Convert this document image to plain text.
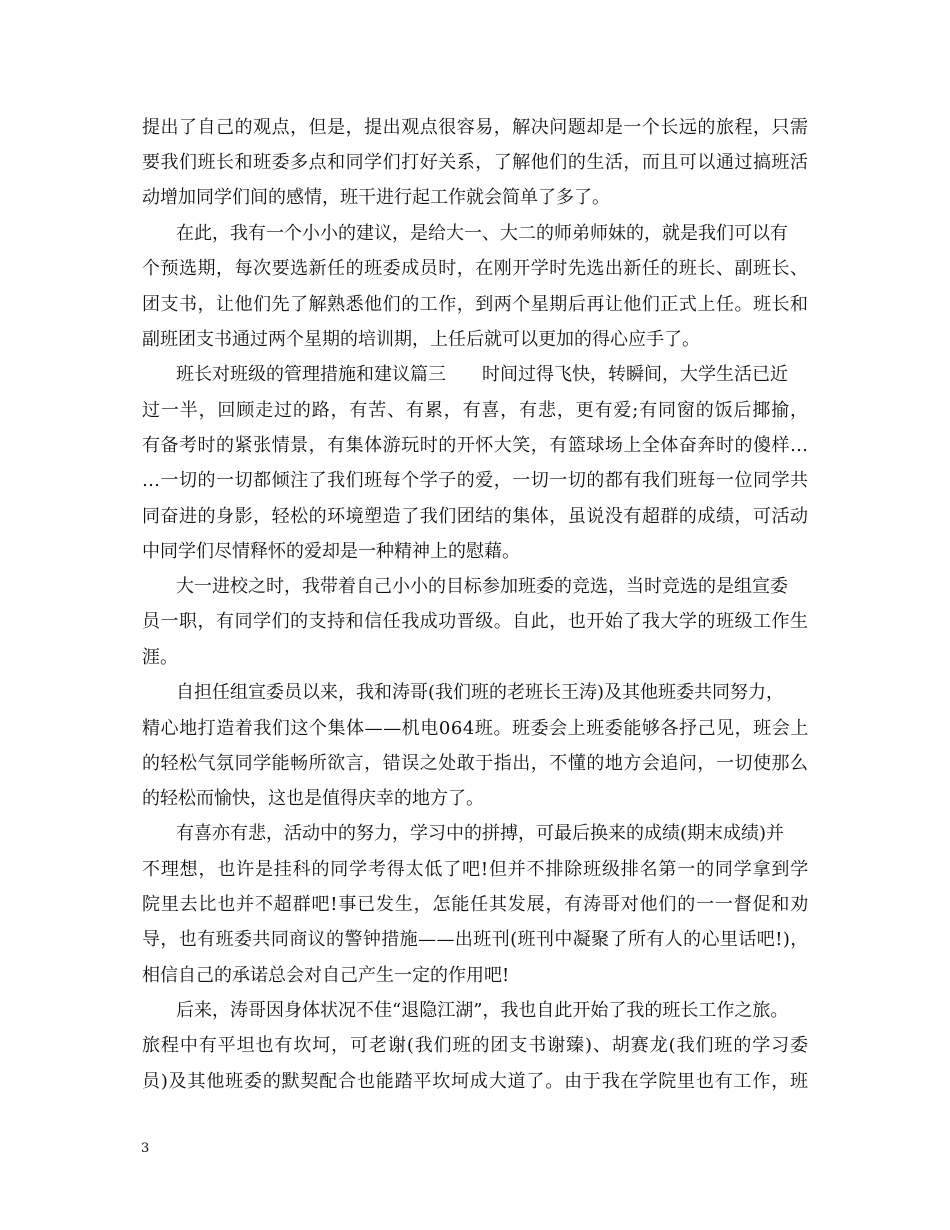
提出了自己的观点，但是，提出观点很容易，解决问题却是一个长远的旅程，只需
要我们班长和班委多点和同学们打好关系，了解他们的生活，而且可以通过搞班活
动增加同学们间的感情，班干进行起工作就会简单了多了。
在此，我有一个小小的建议，是给大一、大二的师弟师妹的，就是我们可以有
个预选期，每次要选新任的班委成员时，在刚开学时先选出新任的班长、副班长、
团支书，让他们先了解熟悉他们的工作，到两个星期后再让他们正式上任。班长和
副班团支书通过两个星期的培训期，上任后就可以更加的得心应手了。
班长对班级的管理措施和建议篇三　　时间过得飞快，转瞬间，大学生活已近
过一半，回顾走过的路，有苦、有累，有喜，有悲，更有爱;有同窗的饭后揶揄，
有备考时的紧张情景，有集体游玩时的开怀大笑，有篮球场上全体奋奔时的傻样…
…一切的一切都倾注了我们班每个学子的爱，一切一切的都有我们班每一位同学共
同奋进的身影，轻松的环境塑造了我们团结的集体，虽说没有超群的成绩，可活动
中同学们尽情释怀的爱却是一种精神上的慰藉。
大一进校之时，我带着自己小小的目标参加班委的竞选，当时竞选的是组宣委
员一职，有同学们的支持和信任我成功晋级。自此，也开始了我大学的班级工作生
涯。
自担任组宣委员以来，我和涛哥(我们班的老班长王涛)及其他班委共同努力，
精心地打造着我们这个集体——机电064班。班委会上班委能够各抒己见，班会上
的轻松气氛同学能畅所欲言，错误之处敢于指出，不懂的地方会追问，一切使那么
的轻松而愉快，这也是值得庆幸的地方了。
有喜亦有悲，活动中的努力，学习中的拼搏，可最后换来的成绩(期末成绩)并
不理想，也许是挂科的同学考得太低了吧!但并不排除班级排名第一的同学拿到学
院里去比也并不超群吧!事已发生，怎能任其发展，有涛哥对他们的一一督促和劝
导，也有班委共同商议的警钟措施——出班刊(班刊中凝聚了所有人的心里话吧!)，
相信自己的承诺总会对自己产生一定的作用吧!
后来，涛哥因身体状况不佳“退隐江湖”，我也自此开始了我的班长工作之旅。
旅程中有平坦也有坎坷，可老谢(我们班的团支书谢臻)、胡赛龙(我们班的学习委
员)及其他班委的默契配合也能踏平坎坷成大道了。由于我在学院里也有工作，班
3
